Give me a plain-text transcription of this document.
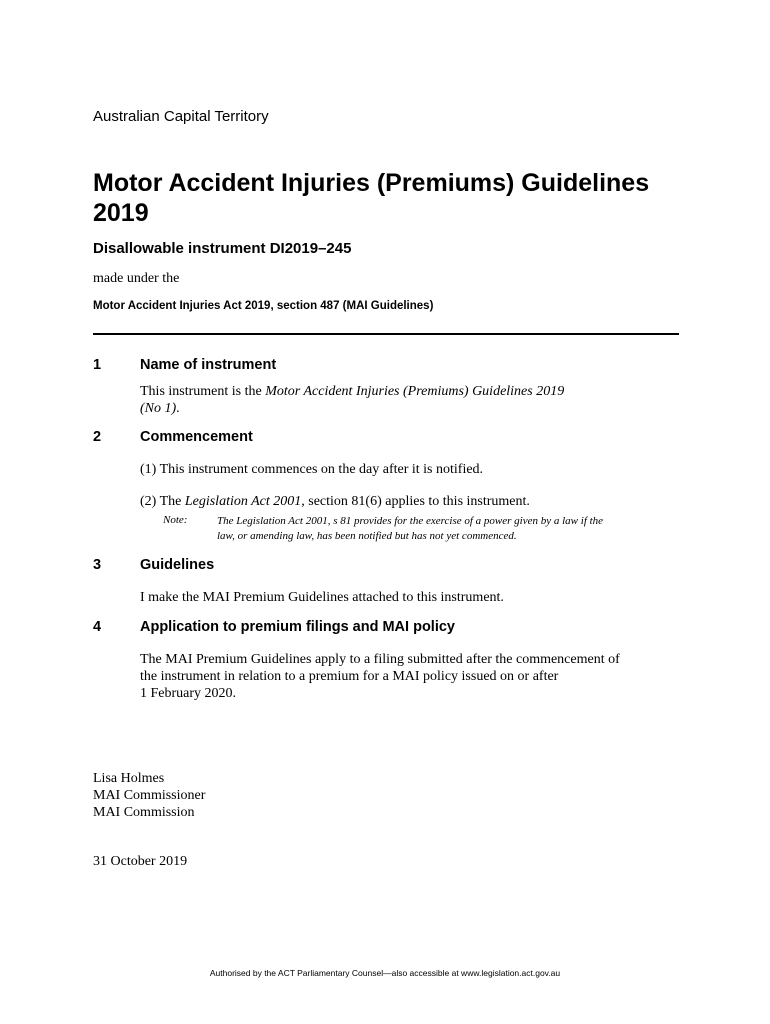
Australian Capital Territory
Motor Accident Injuries (Premiums) Guidelines
2019
Disallowable instrument DI2019–245
made under the
Motor Accident Injuries Act 2019, section 487 (MAI Guidelines)
1	Name of instrument
This instrument is the Motor Accident Injuries (Premiums) Guidelines 2019
(No 1).
2	Commencement
(1) This instrument commences on the day after it is notified.
(2) The Legislation Act 2001, section 81(6) applies to this instrument.
Note:	The Legislation Act 2001, s 81 provides for the exercise of a power given by a law if the
law, or amending law, has been notified but has not yet commenced.
3	Guidelines
I make the MAI Premium Guidelines attached to this instrument.
4	Application to premium filings and MAI policy
The MAI Premium Guidelines apply to a filing submitted after the commencement of
the instrument in relation to a premium for a MAI policy issued on or after
1 February 2020.
Lisa Holmes
MAI Commissioner
MAI Commission
31 October 2019
Authorised by the ACT Parliamentary Counsel—also accessible at www.legislation.act.gov.au
